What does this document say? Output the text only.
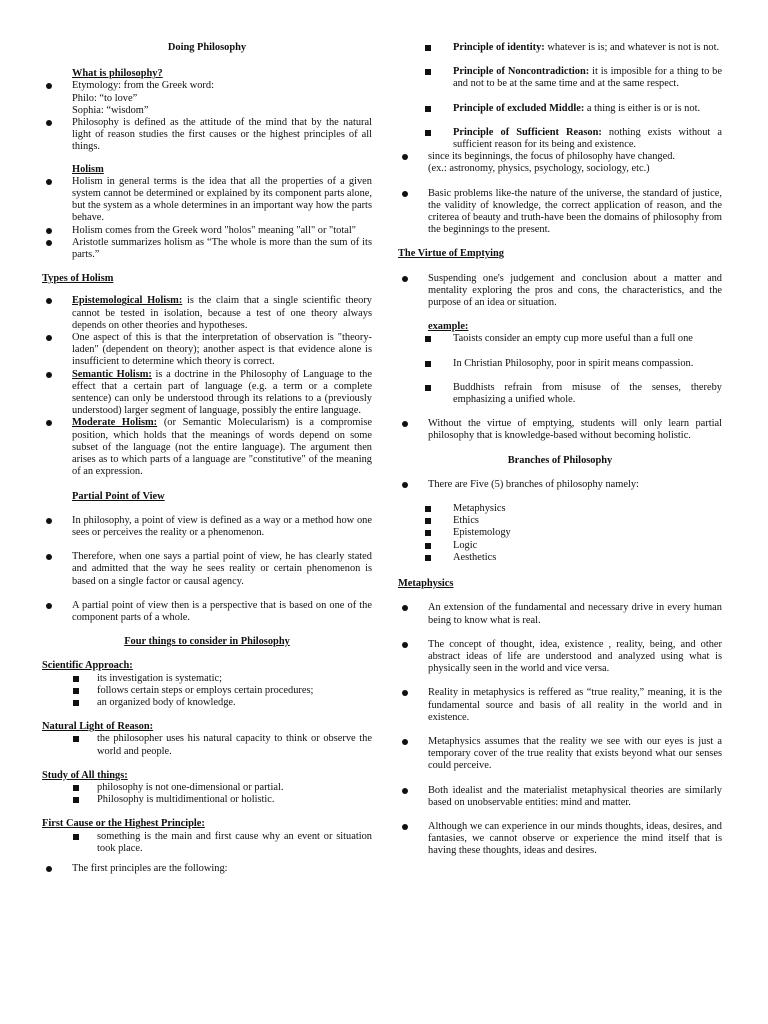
Doing Philosophy
What is philosophy?
Etymology: from the Greek word:
Philo: “to love”
Sophia: “wisdom”
Philosophy is defined as the attitude of the mind that by the natural light of reason studies the first causes or the highest principles of all things.
Holism
Holism in general terms is the idea that all the properties of a given system cannot be determined or explained by its component parts alone, but the system as a whole determines in an important way how the parts behave.
Holism comes from the Greek word "holos" meaning "all" or "total"
Aristotle summarizes holism as “The whole is more than the sum of its parts.”
Types of Holism
Epistemological Holism: is the claim that a single scientific theory cannot be tested in isolation, because a test of one theory always depends on other theories and hypotheses.
One aspect of this is that the interpretation of observation is "theory-laden" (dependent on theory); another aspect is that evidence alone is insufficient to determine which theory is correct.
Semantic Holism: is a doctrine in the Philosophy of Language to the effect that a certain part of language (e.g. a term or a complete sentence) can only be understood through its relations to a (previously understood) larger segment of language, possibly the entire language.
Moderate Holism: (or Semantic Molecularism) is a compromise position, which holds that the meanings of words depend on some subset of the language (not the entire language). The argument then arises as to which parts of a language are "constitutive" of the meaning of an expression.
Partial Point of View
In philosophy, a point of view is defined as a way or a method how one sees or perceives the reality or a phenomenon.
Therefore, when one says a partial point of view, he has clearly stated and admitted that the way he sees reality or certain phenomenon is based on a single factor or causal agency.
A partial point of view then is a perspective that is based on one of the component parts of a whole.
Four things to consider in Philosophy
Scientific Approach:
its investigation is systematic;
follows certain steps or employs certain procedures;
an organized body of knowledge.
Natural Light of Reason:
the philosopher uses his natural capacity to think or observe the world and people.
Study of All things:
philosophy is not one-dimensional or partial.
Philosophy is multidimentional or holistic.
First Cause or the Highest Principle:
something is the main and first cause why an event or situation took place.
The first principles are the following:
Principle of identity: whatever is is; and whatever is not is not.
Principle of Noncontradiction: it is imposible for a thing to be and not to be at the same time and at the same respect.
Principle of excluded Middle: a thing is either is or is not.
Principle of Sufficient Reason: nothing exists without a sufficient reason for its being and existence.
since its beginnings, the focus of philosophy have changed.
(ex.: astronomy, physics, psychology, sociology, etc.)
Basic problems like-the nature of the universe, the standard of justice, the validity of knowledge, the correct application of reason, and the criterea of beauty and truth-have been the domains of philosophy from the beginnings to the present.
The Virtue of Emptying
Suspending one's judgement and conclusion about a matter and mentality exploring the pros and cons, the characteristics, and the purpose of an idea or situation.
example:
Taoists consider an empty cup more useful than a full one
In Christian Philosophy, poor in spirit means compassion.
Buddhists refrain from misuse of the senses, thereby emphasizing a unified whole.
Without the virtue of emptying, students will only learn partial philosophy that is knowledge-based without becoming holistic.
Branches of Philosophy
There are Five (5) branches of philosophy namely:
Metaphysics
Ethics
Epistemology
Logic
Aesthetics
Metaphysics
An extension of the fundamental and necessary drive in every human being to know what is real.
The concept of thought, idea, existence , reality, being, and other abstract ideas of life are understood and analyzed using what is physically seen in the world and vice versa.
Reality in metaphysics is reffered as “true reality,” meaning, it is the fundamental source and basis of all reality in the world and in existence.
Metaphysics assumes that the reality we see with our eyes is just a temporary cover of the true reality that exists beyond what our senses could perceive.
Both idealist and the materialist metaphysical theories are similarly based on unobservable entities: mind and matter.
Although we can experience in our minds thoughts, ideas, desires, and fantasies, we cannot observe or experience the mind itself that is having these thoughts, ideas and desires.
